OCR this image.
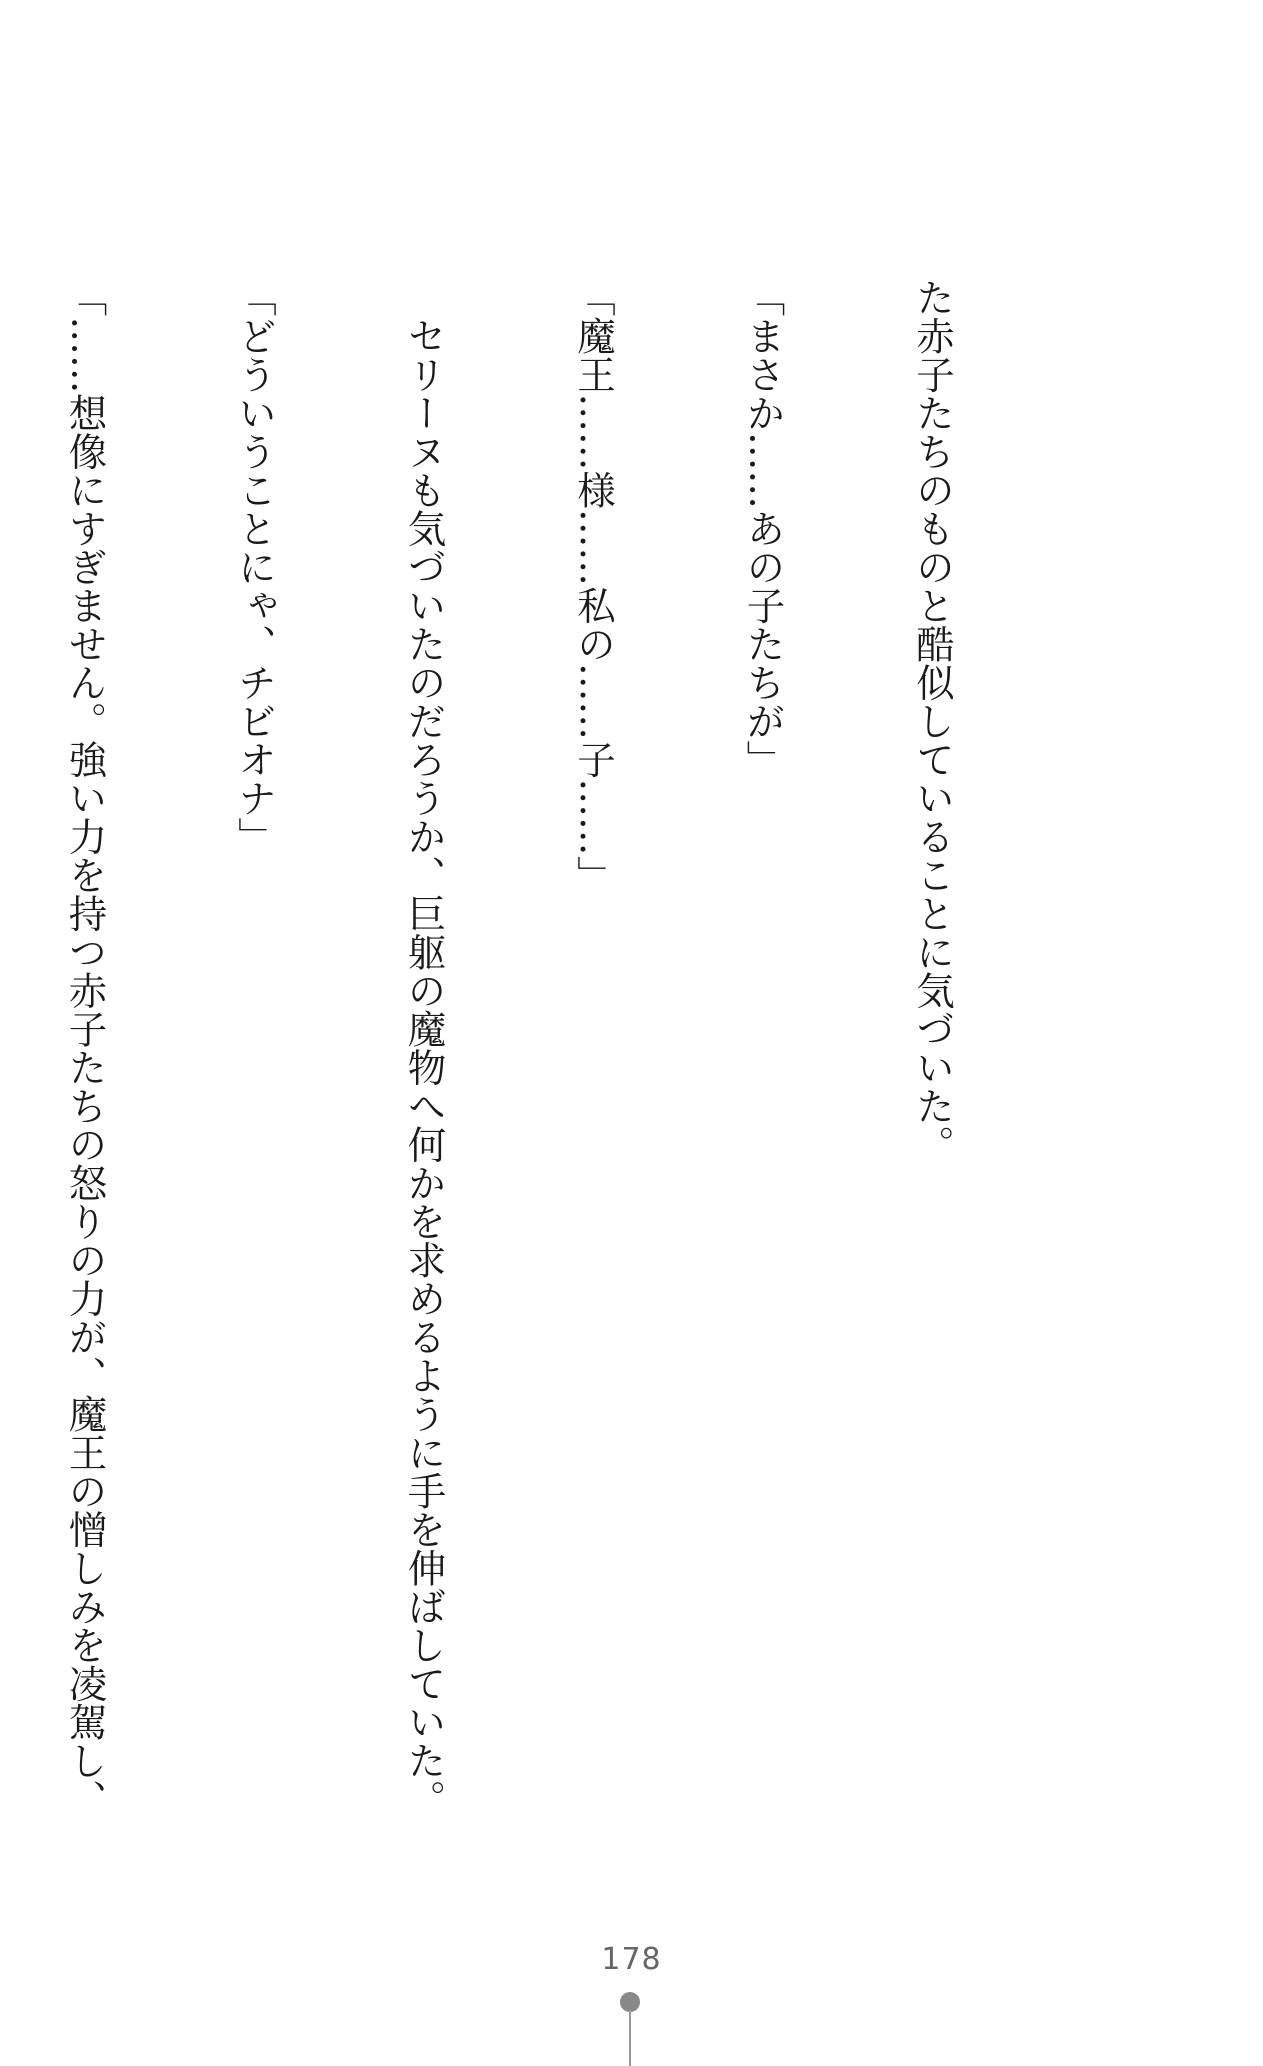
た赤子たちのものと酷似していることに気づいた。

「まさか……あの子たちが」

「魔王……様……私の……子……」

　セリーヌも気づいたのだろうか、巨躯の魔物へ何かを求めるように手を伸ばしていた。

「どういうことにゃ、チビオナ」

「……想像にすぎません。強い力を持つ赤子たちの怒りの力が、魔王の憎しみを凌駕し、

178
